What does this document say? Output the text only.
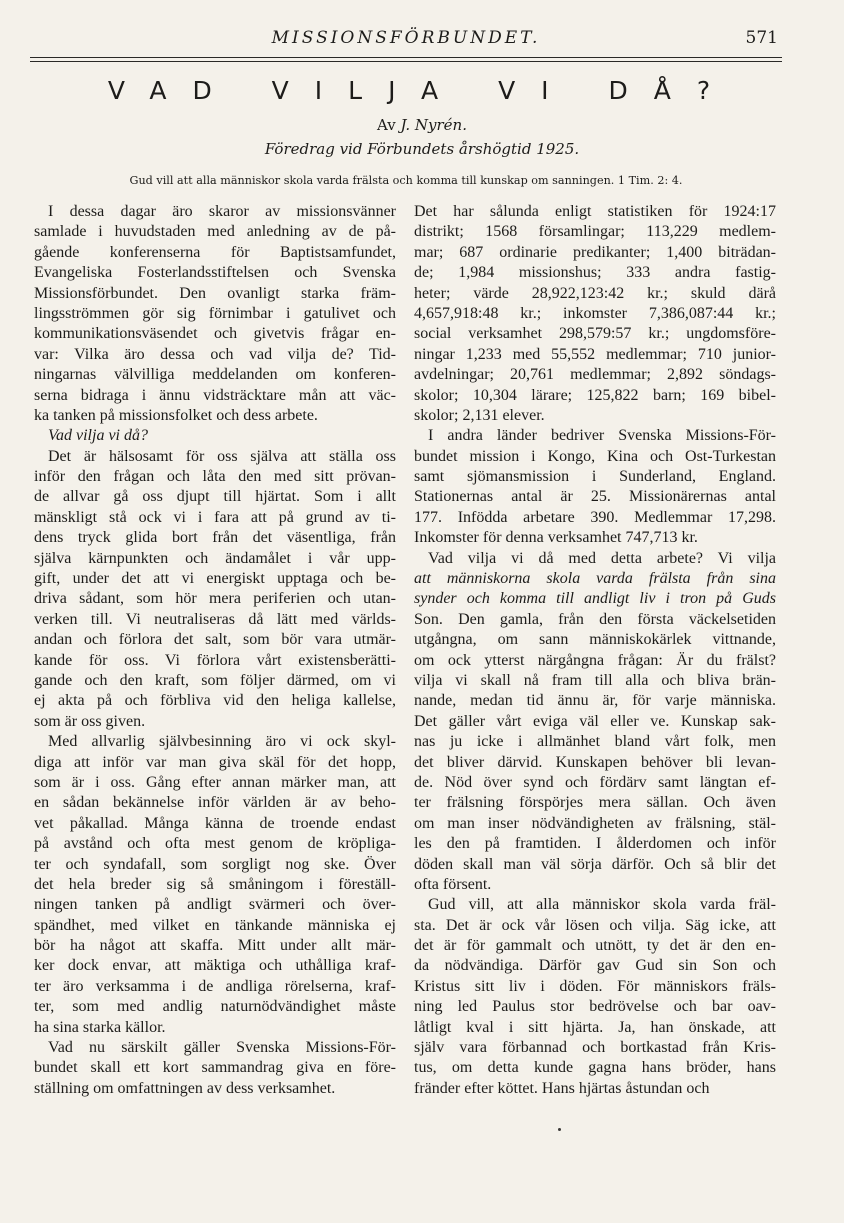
MISSIONSFÖRBUNDET.	571
VAD VILJA VI DÅ?
Av J. Nyrén.
Föredrag vid Förbundets årshögtid 1925.
Gud vill att alla människor skola varda frälsta och komma till kunskap om sanningen. 1 Tim. 2: 4.
I dessa dagar äro skaror av missionsvänner
samlade i huvudstaden med anledning av de på-
gående konferenserna för Baptistsamfundet,
Evangeliska Fosterlandsstiftelsen och Svenska
Missionsförbundet. Den ovanligt starka främ-
lingsströmmen gör sig förnimbar i gatulivet och
kommunikationsväsendet och givetvis frågar en-
var: Vilka äro dessa och vad vilja de? Tid-
ningarnas välvilliga meddelanden om konferen-
serna bidraga i ännu vidsträcktare mån att väc-
ka tanken på missionsfolket och dess arbete.
Vad vilja vi då?
Det är hälsosamt för oss själva att ställa oss
inför den frågan och låta den med sitt prövan-
de allvar gå oss djupt till hjärtat. Som i allt
mänskligt stå ock vi i fara att på grund av ti-
dens tryck glida bort från det väsentliga, från
själva kärnpunkten och ändamålet i vår upp-
gift, under det att vi energiskt upptaga och be-
driva sådant, som hör mera periferien och utan-
verken till. Vi neutraliseras då lätt med världs-
andan och förlora det salt, som bör vara utmär-
kande för oss. Vi förlora vårt existensberätti-
gande och den kraft, som följer därmed, om vi
ej akta på och förbliva vid den heliga kallelse,
som är oss given.
Med allvarlig självbesinning äro vi ock skyl-
diga att inför var man giva skäl för det hopp,
som är i oss. Gång efter annan märker man, att
en sådan bekännelse inför världen är av beho-
vet påkallad. Många känna de troende endast
på avstånd och ofta mest genom de kröpliga-
ter och syndafall, som sorgligt nog ske. Över
det hela breder sig så småningom i föreställ-
ningen tanken på andligt svärmeri och över-
spändhet, med vilket en tänkande människa ej
bör ha något att skaffa. Mitt under allt mär-
ker dock envar, att mäktiga och uthålliga kraf-
ter äro verksamma i de andliga rörelserna, kraf-
ter, som med andlig naturnödvändighet måste
ha sina starka källor.
Vad nu särskilt gäller Svenska Missions-För-
bundet skall ett kort sammandrag giva en före-
ställning om omfattningen av dess verksamhet.
Det har sålunda enligt statistiken för 1924:17
distrikt; 1568 församlingar; 113,229 medlem-
mar; 687 ordinarie predikanter; 1,400 biträdan-
de; 1,984 missionshus; 333 andra fastig-
heter; värde 28,922,123:42 kr.; skuld därå
4,657,918:48 kr.; inkomster 7,386,087:44 kr.;
social verksamhet 298,579:57 kr.; ungdomsföre-
ningar 1,233 med 55,552 medlemmar; 710 junior-
avdelningar; 20,761 medlemmar; 2,892 söndags-
skolor; 10,304 lärare; 125,822 barn; 169 bibel-
skolor; 2,131 elever.
I andra länder bedriver Svenska Missions-För-
bundet mission i Kongo, Kina och Ost-Turkestan
samt sjömansmission i Sunderland, England.
Stationernas antal är 25. Missionärernas antal
177. Infödda arbetare 390. Medlemmar 17,298.
Inkomster för denna verksamhet 747,713 kr.
Vad vilja vi då med detta arbete? Vi vilja
att människorna skola varda frälsta från sina
synder och komma till andligt liv i tron på Guds
Son. Den gamla, från den första väckelsetiden
utgångna, om sann människokärlek vittnande,
om ock ytterst närgångna frågan: Är du frälst?
vilja vi skall nå fram till alla och bliva brän-
nande, medan tid ännu är, för varje människa.
Det gäller vårt eviga väl eller ve. Kunskap sak-
nas ju icke i allmänhet bland vårt folk, men
det bliver därvid. Kunskapen behöver bli levan-
de. Nöd över synd och fördärv samt längtan ef-
ter frälsning förspörjes mera sällan. Och även
om man inser nödvändigheten av frälsning, stäl-
les den på framtiden. I ålderdomen och inför
döden skall man väl sörja därför. Och så blir det
ofta försent.
Gud vill, att alla människor skola varda fräl-
sta. Det är ock vår lösen och vilja. Säg icke, att
det är för gammalt och utnött, ty det är den en-
da nödvändiga. Därför gav Gud sin Son och
Kristus sitt liv i döden. För människors fräls-
ning led Paulus stor bedrövelse och bar oav-
låtligt kval i sitt hjärta. Ja, han önskade, att
själv vara förbannad och bortkastad från Kris-
tus, om detta kunde gagna hans bröder, hans
fränder efter köttet. Hans hjärtas åstundan och
